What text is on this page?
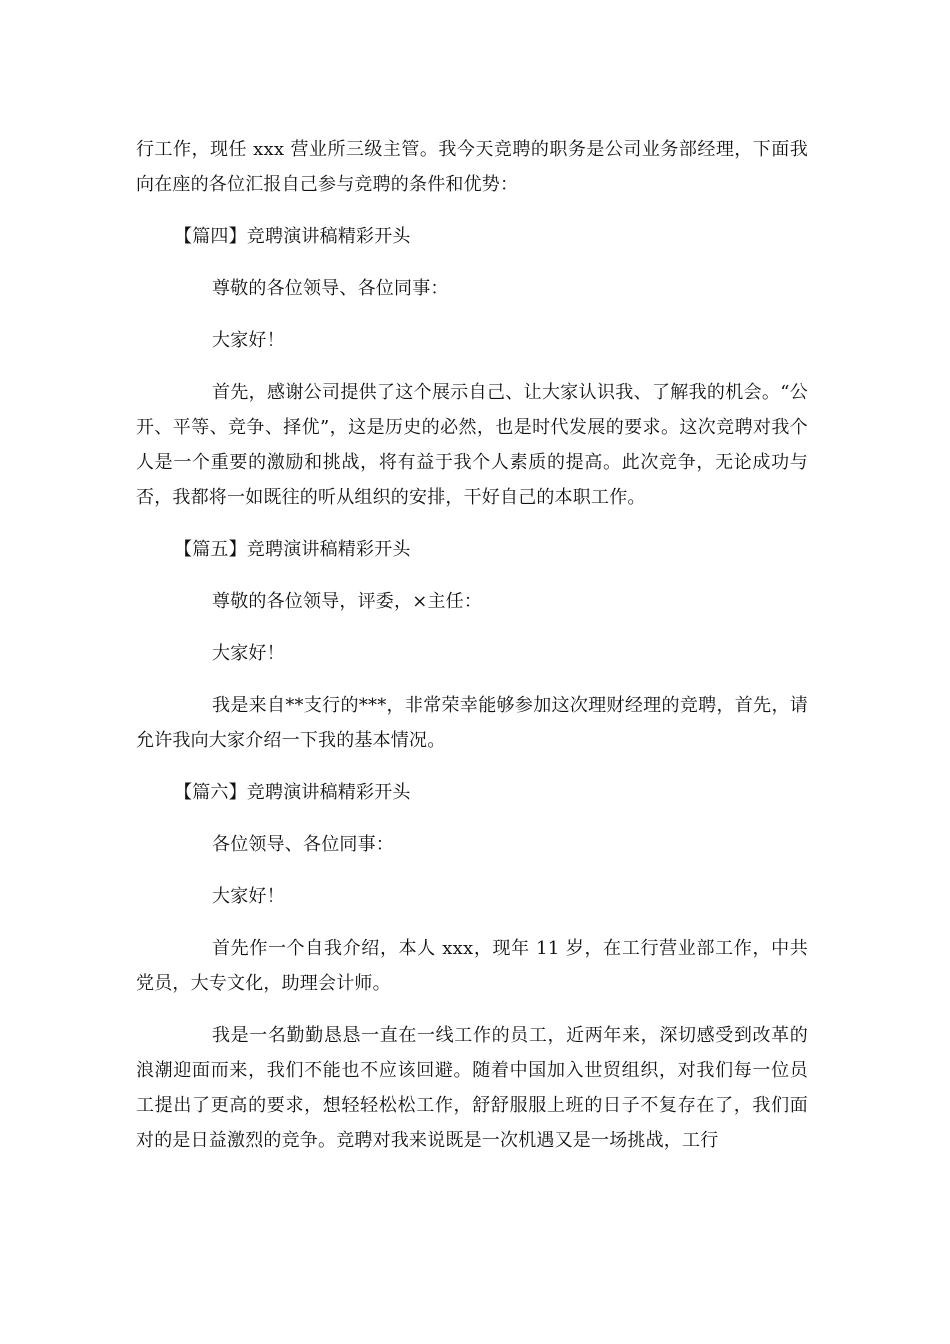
行工作，现任 xxx 营业所三级主管。我今天竞聘的职务是公司业务部经理，下面我向在座的各位汇报自己参与竞聘的条件和优势：

【篇四】竞聘演讲稿精彩开头

尊敬的各位领导、各位同事：

大家好！

首先，感谢公司提供了这个展示自己、让大家认识我、了解我的机会。“公开、平等、竞争、择优”，这是历史的必然，也是时代发展的要求。这次竞聘对我个人是一个重要的激励和挑战，将有益于我个人素质的提高。此次竞争，无论成功与否，我都将一如既往的听从组织的安排，干好自己的本职工作。

【篇五】竞聘演讲稿精彩开头

尊敬的各位领导，评委，×主任：

大家好！

我是来自**支行的***，非常荣幸能够参加这次理财经理的竞聘，首先，请允许我向大家介绍一下我的基本情况。

【篇六】竞聘演讲稿精彩开头

各位领导、各位同事：

大家好！

首先作一个自我介绍，本人 xxx，现年 11 岁，在工行营业部工作，中共党员，大专文化，助理会计师。

我是一名勤勤恳恳一直在一线工作的员工，近两年来，深切感受到改革的浪潮迎面而来，我们不能也不应该回避。随着中国加入世贸组织，对我们每一位员工提出了更高的要求，想轻轻松松工作，舒舒服服上班的日子不复存在了，我们面对的是日益激烈的竞争。竞聘对我来说既是一次机遇又是一场挑战，工行
